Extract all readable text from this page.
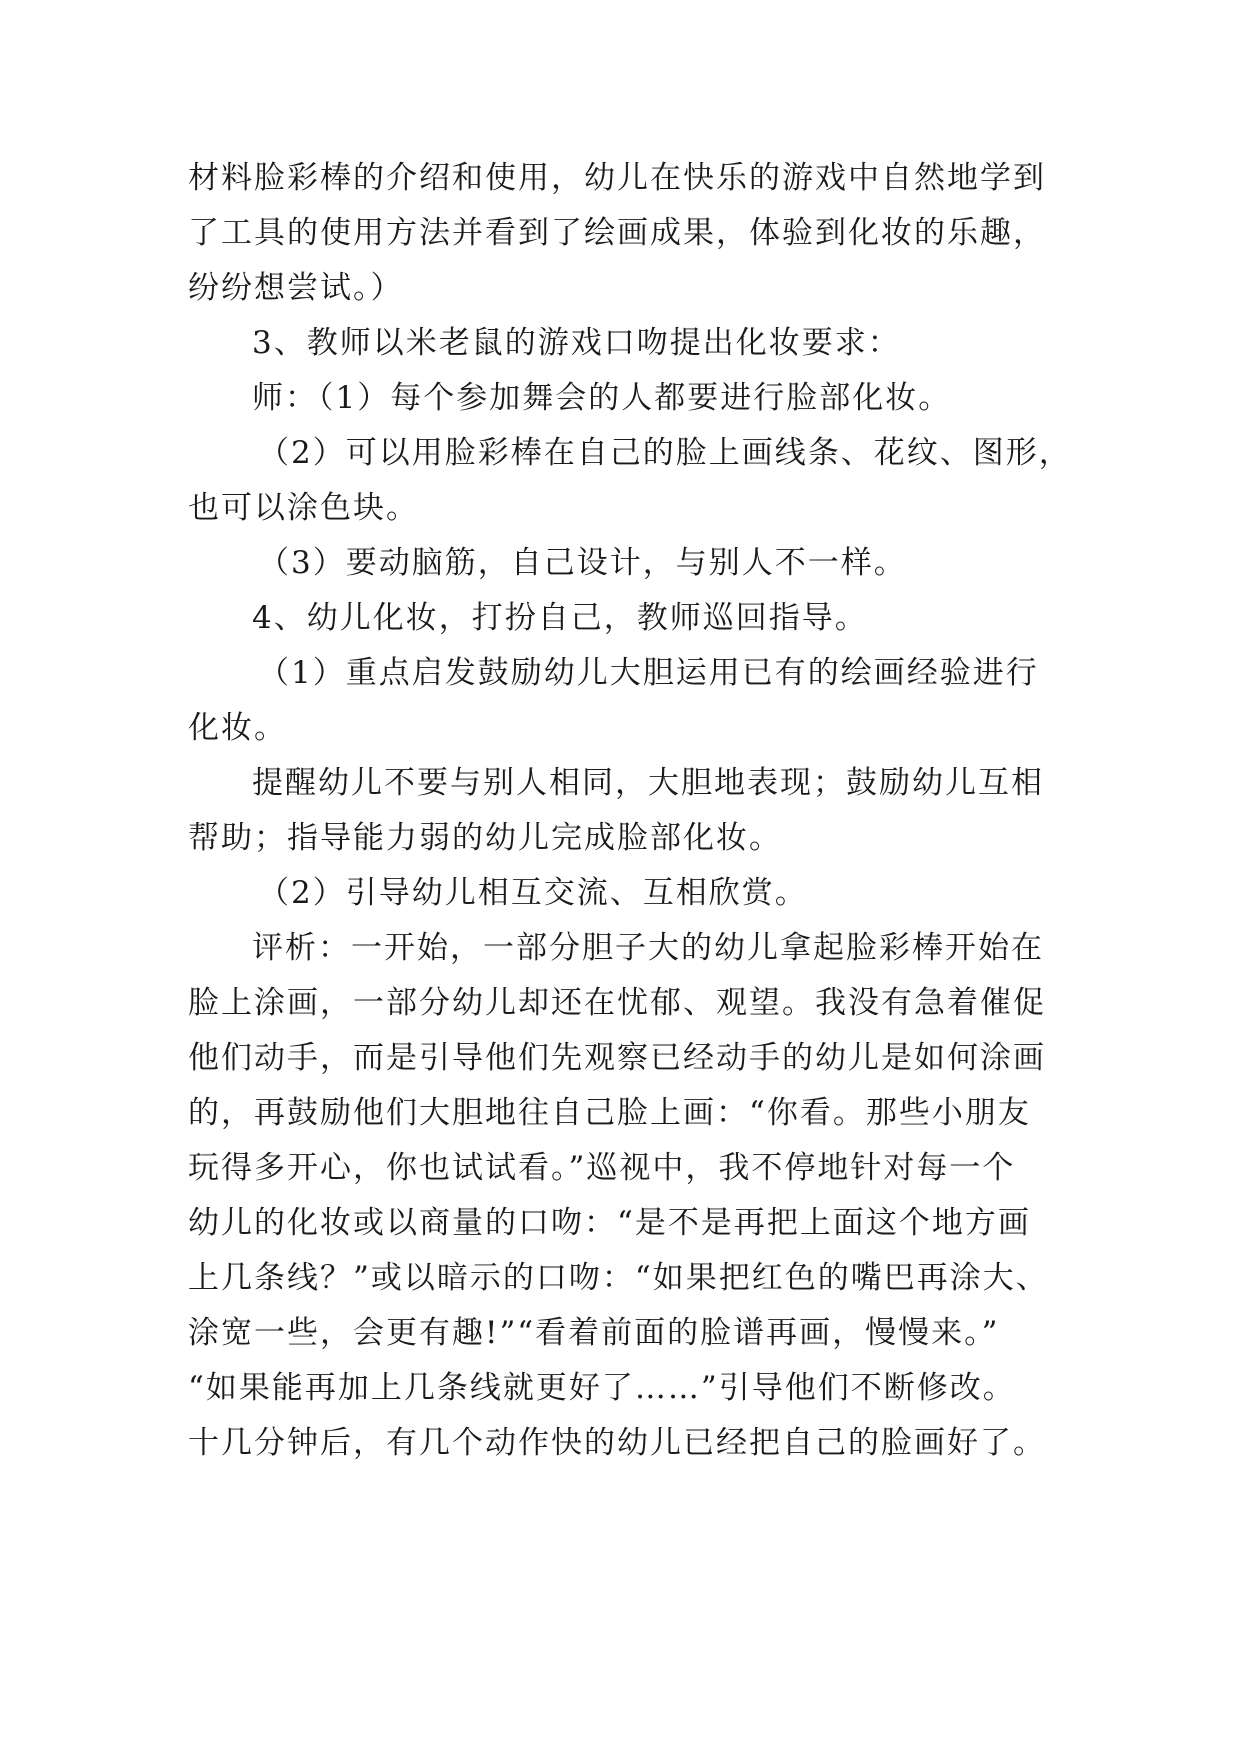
材料脸彩棒的介绍和使用，幼儿在快乐的游戏中自然地学到
了工具的使用方法并看到了绘画成果，体验到化妆的乐趣，
纷纷想尝试。）
3、教师以米老鼠的游戏口吻提出化妆要求：
师：（1）每个参加舞会的人都要进行脸部化妆。
（2）可以用脸彩棒在自己的脸上画线条、花纹、图形，
也可以涂色块。
（3）要动脑筋，自己设计，与别人不一样。
4、幼儿化妆，打扮自己，教师巡回指导。
（1）重点启发鼓励幼儿大胆运用已有的绘画经验进行
化妆。
提醒幼儿不要与别人相同，大胆地表现；鼓励幼儿互相
帮助；指导能力弱的幼儿完成脸部化妆。
（2）引导幼儿相互交流、互相欣赏。
评析：一开始，一部分胆子大的幼儿拿起脸彩棒开始在
脸上涂画，一部分幼儿却还在忧郁、观望。我没有急着催促
他们动手，而是引导他们先观察已经动手的幼儿是如何涂画
的，再鼓励他们大胆地往自己脸上画：“你看。那些小朋友
玩得多开心，你也试试看。”巡视中，我不停地针对每一个
幼儿的化妆或以商量的口吻：“是不是再把上面这个地方画
上几条线？”或以暗示的口吻：“如果把红色的嘴巴再涂大、
涂宽一些，会更有趣!”“看着前面的脸谱再画，慢慢来。”
“如果能再加上几条线就更好了……”引导他们不断修改。
十几分钟后，有几个动作快的幼儿已经把自己的脸画好了。
